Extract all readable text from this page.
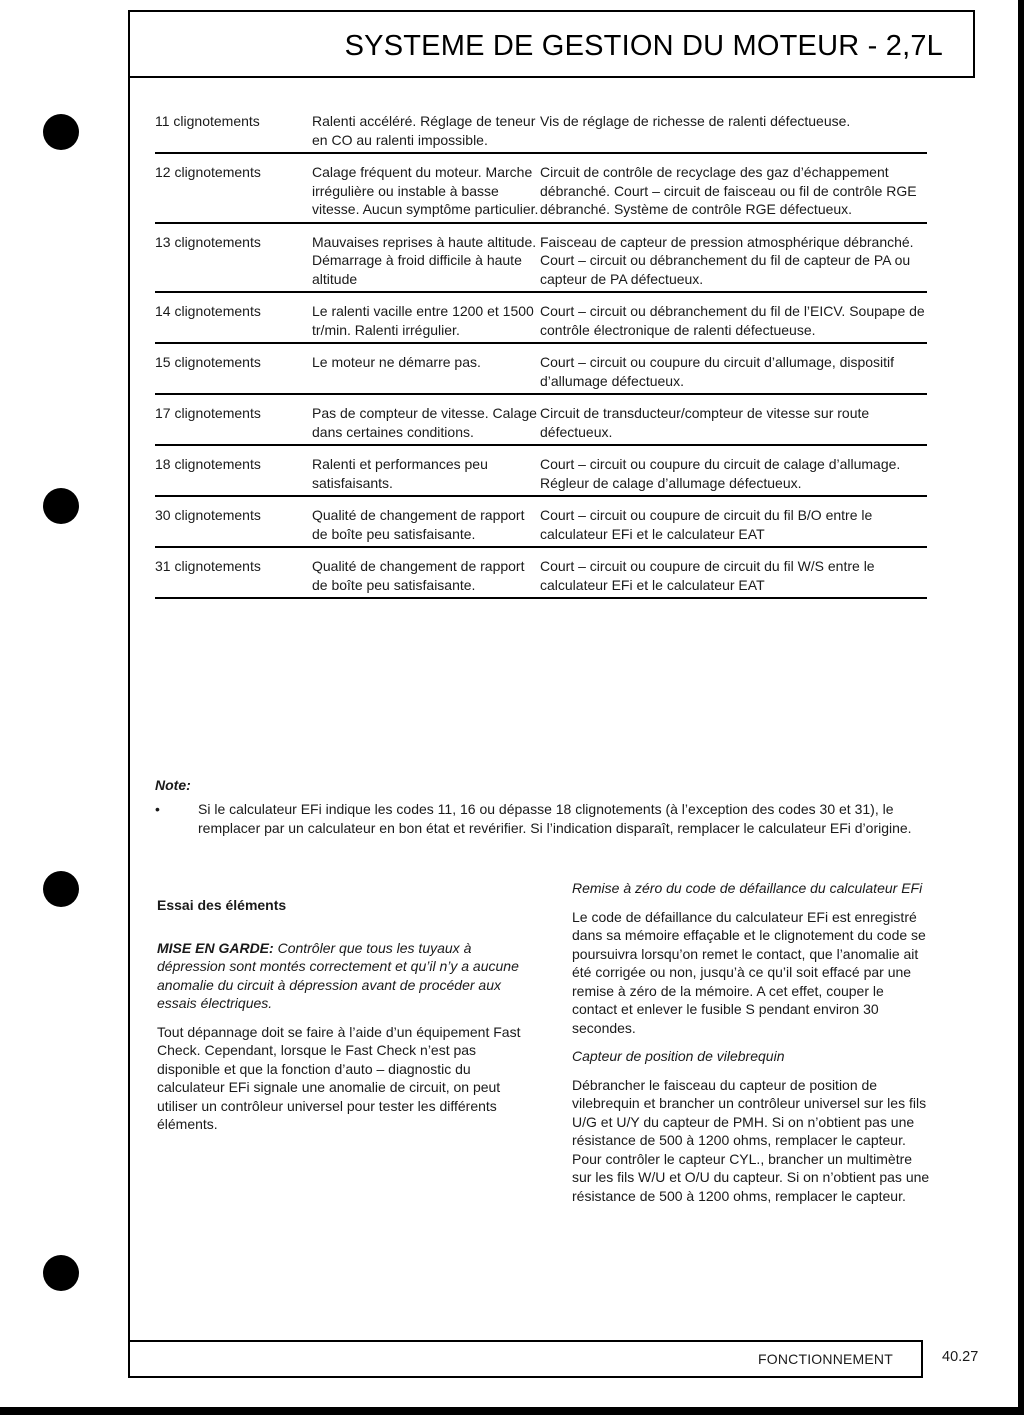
SYSTEME DE GESTION DU MOTEUR - 2,7L
11 clignotements	Ralenti accéléré. Réglage de teneur en CO au ralenti impossible.
Vis de réglage de richesse de ralenti défectueuse.
12 clignotements	Calage fréquent du moteur. Marche irrégulière ou instable à basse vitesse. Aucun symptôme particulier.
Circuit de contrôle de recyclage des gaz d’échappement débranché. Court – circuit de faisceau ou fil de contrôle RGE débranché. Système de contrôle RGE défectueux.
13 clignotements	Mauvaises reprises à haute altitude. Démarrage à froid difficile à haute altitude
Faisceau de capteur de pression atmosphérique débranché. Court – circuit ou débranchement du fil de capteur de PA ou capteur de PA défectueux.
14 clignotements	Le ralenti vacille entre 1200 et 1500 tr/min. Ralenti irrégulier.
Court – circuit ou débranchement du fil de l’EICV. Soupape de contrôle électronique de ralenti défectueuse.
15 clignotements	Le moteur ne démarre pas.	Court – circuit ou coupure du circuit d’allumage, dispositif d’allumage défectueux.
17 clignotements	Pas de compteur de vitesse. Calage dans certaines conditions.
Circuit de transducteur/compteur de vitesse sur route défectueux.
18 clignotements	Ralenti et performances peu satisfaisants.
Court – circuit ou coupure du circuit de calage d’allumage. Régleur de calage d’allumage défectueux.
30 clignotements	Qualité de changement de rapport de boîte peu satisfaisante.
Court – circuit ou coupure de circuit du fil B/O entre le calculateur EFi et le calculateur EAT
31 clignotements	Qualité de changement de rapport de boîte peu satisfaisante.
Court – circuit ou coupure de circuit du fil W/S entre le calculateur EFi et le calculateur EAT
Note:
•	Si le calculateur EFi indique les codes 11, 16 ou dépasse 18 clignotements (à l’exception des codes 30 et 31), le remplacer par un calculateur en bon état et revérifier. Si l’indication disparaît, remplacer le calculateur EFi d’origine.
Essai des éléments

MISE EN GARDE: Contrôler que tous les tuyaux à dépression sont montés correctement et qu’il n’y a aucune anomalie du circuit à dépression avant de procéder aux essais électriques.

Tout dépannage doit se faire à l’aide d’un équipement Fast Check. Cependant, lorsque le Fast Check n’est pas disponible et que la fonction d’auto – diagnostic du calculateur EFi signale une anomalie de circuit, on peut utiliser un contrôleur universel pour tester les différents éléments.

Remise à zéro du code de défaillance du calculateur EFi

Le code de défaillance du calculateur EFi est enregistré dans sa mémoire effaçable et le clignotement du code se poursuivra lorsqu’on remet le contact, que l’anomalie ait été corrigée ou non, jusqu’à ce qu’il soit effacé par une remise à zéro de la mémoire. A cet effet, couper le contact et enlever le fusible S pendant environ 30 secondes.

Capteur de position de vilebrequin

Débrancher le faisceau du capteur de position de vilebrequin et brancher un contrôleur universel sur les fils U/G et U/Y du capteur de PMH. Si on n’obtient pas une résistance de 500 à 1200 ohms, remplacer le capteur. Pour contrôler le capteur CYL., brancher un multimètre sur les fils W/U et O/U du capteur. Si on n’obtient pas une résistance de 500 à 1200 ohms, remplacer le capteur.

FONCTIONNEMENT	40.27
